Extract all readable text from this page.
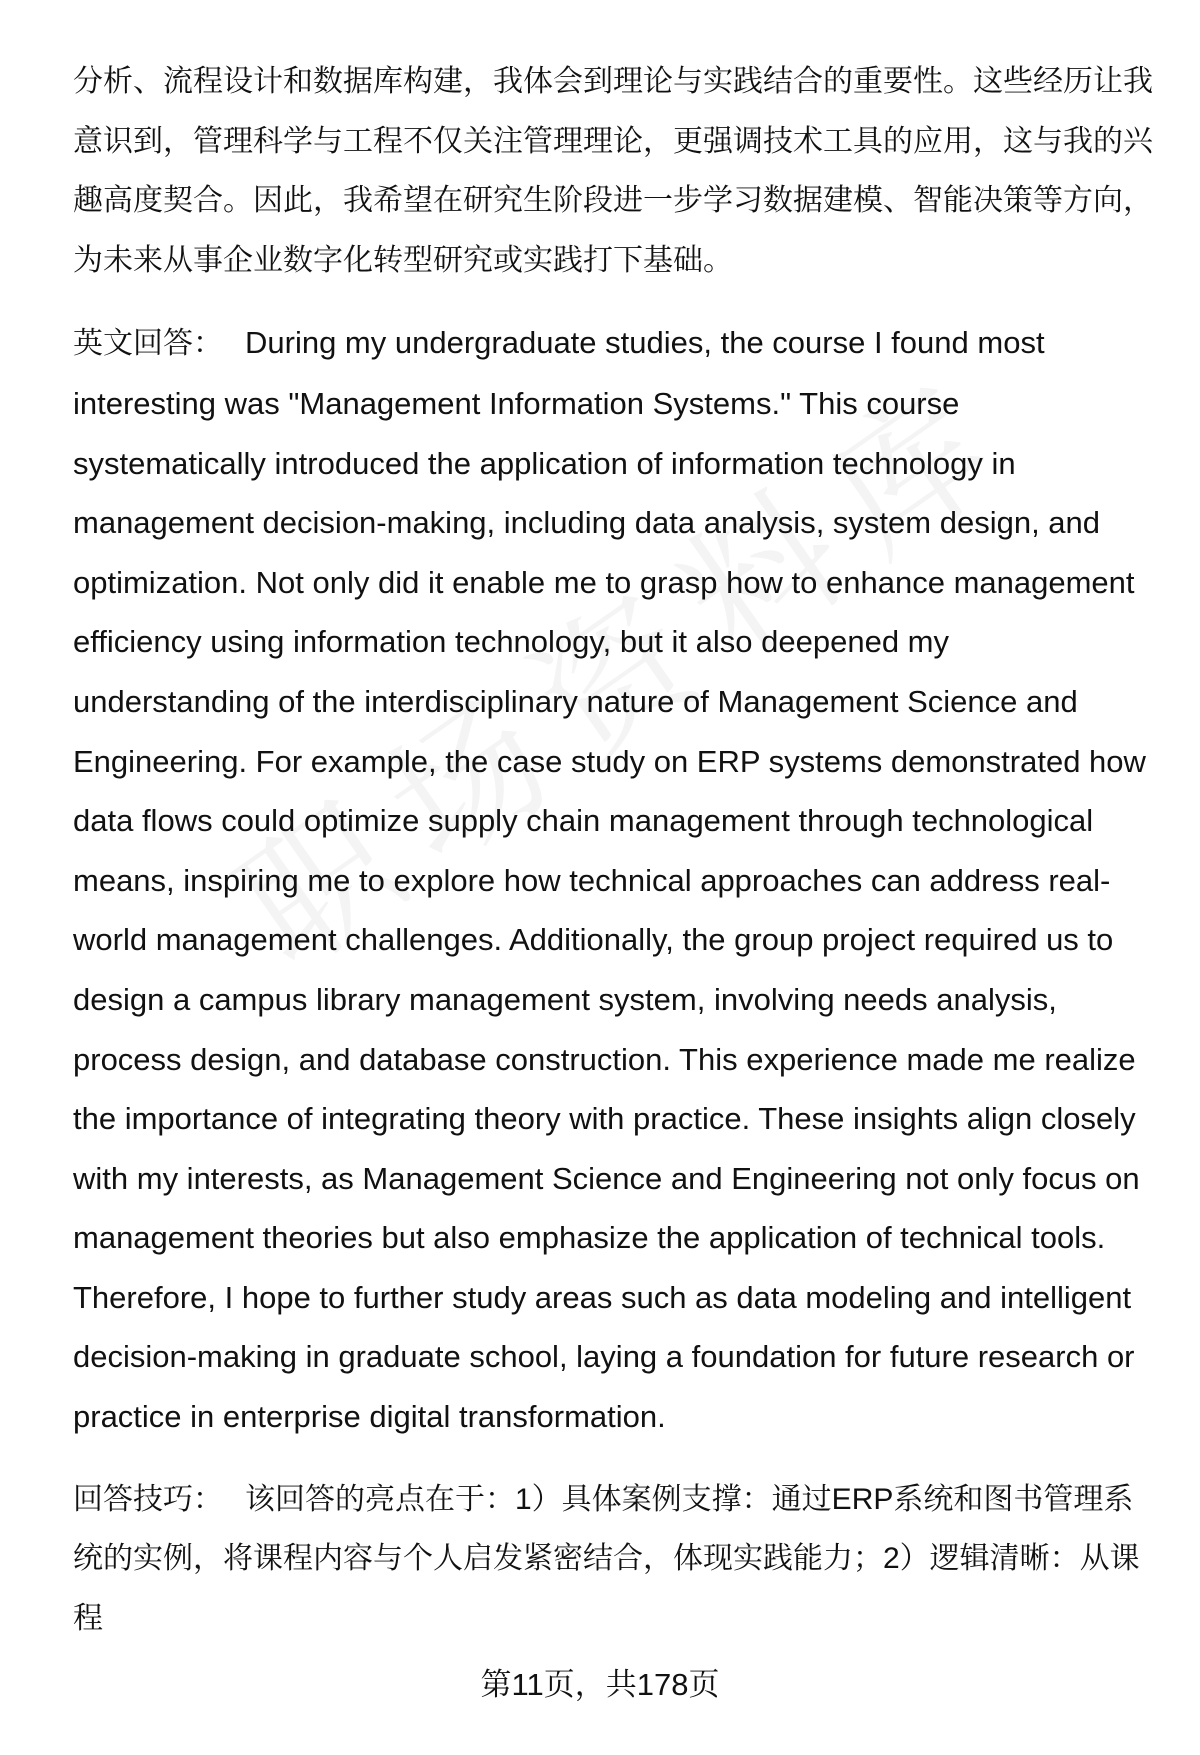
分析、流程设计和数据库构建，我体会到理论与实践结合的重要性。这些经历让我意识到，管理科学与工程不仅关注管理理论，更强调技术工具的应用，这与我的兴趣高度契合。因此，我希望在研究生阶段进一步学习数据建模、智能决策等方向，为未来从事企业数字化转型研究或实践打下基础。

英文回答： During my undergraduate studies, the course I found most interesting was "Management Information Systems." This course systematically introduced the application of information technology in management decision-making, including data analysis, system design, and optimization. Not only did it enable me to grasp how to enhance management efficiency using information technology, but it also deepened my understanding of the interdisciplinary nature of Management Science and Engineering. For example, the case study on ERP systems demonstrated how data flows could optimize supply chain management through technological means, inspiring me to explore how technical approaches can address real-world management challenges. Additionally, the group project required us to design a campus library management system, involving needs analysis, process design, and database construction. This experience made me realize the importance of integrating theory with practice. These insights align closely with my interests, as Management Science and Engineering not only focus on management theories but also emphasize the application of technical tools. Therefore, I hope to further study areas such as data modeling and intelligent decision-making in graduate school, laying a foundation for future research or practice in enterprise digital transformation.

回答技巧： 该回答的亮点在于：1）具体案例支撑：通过ERP系统和图书管理系统的实例，将课程内容与个人启发紧密结合，体现实践能力；2）逻辑清晰：从课程

第11页，共178页
